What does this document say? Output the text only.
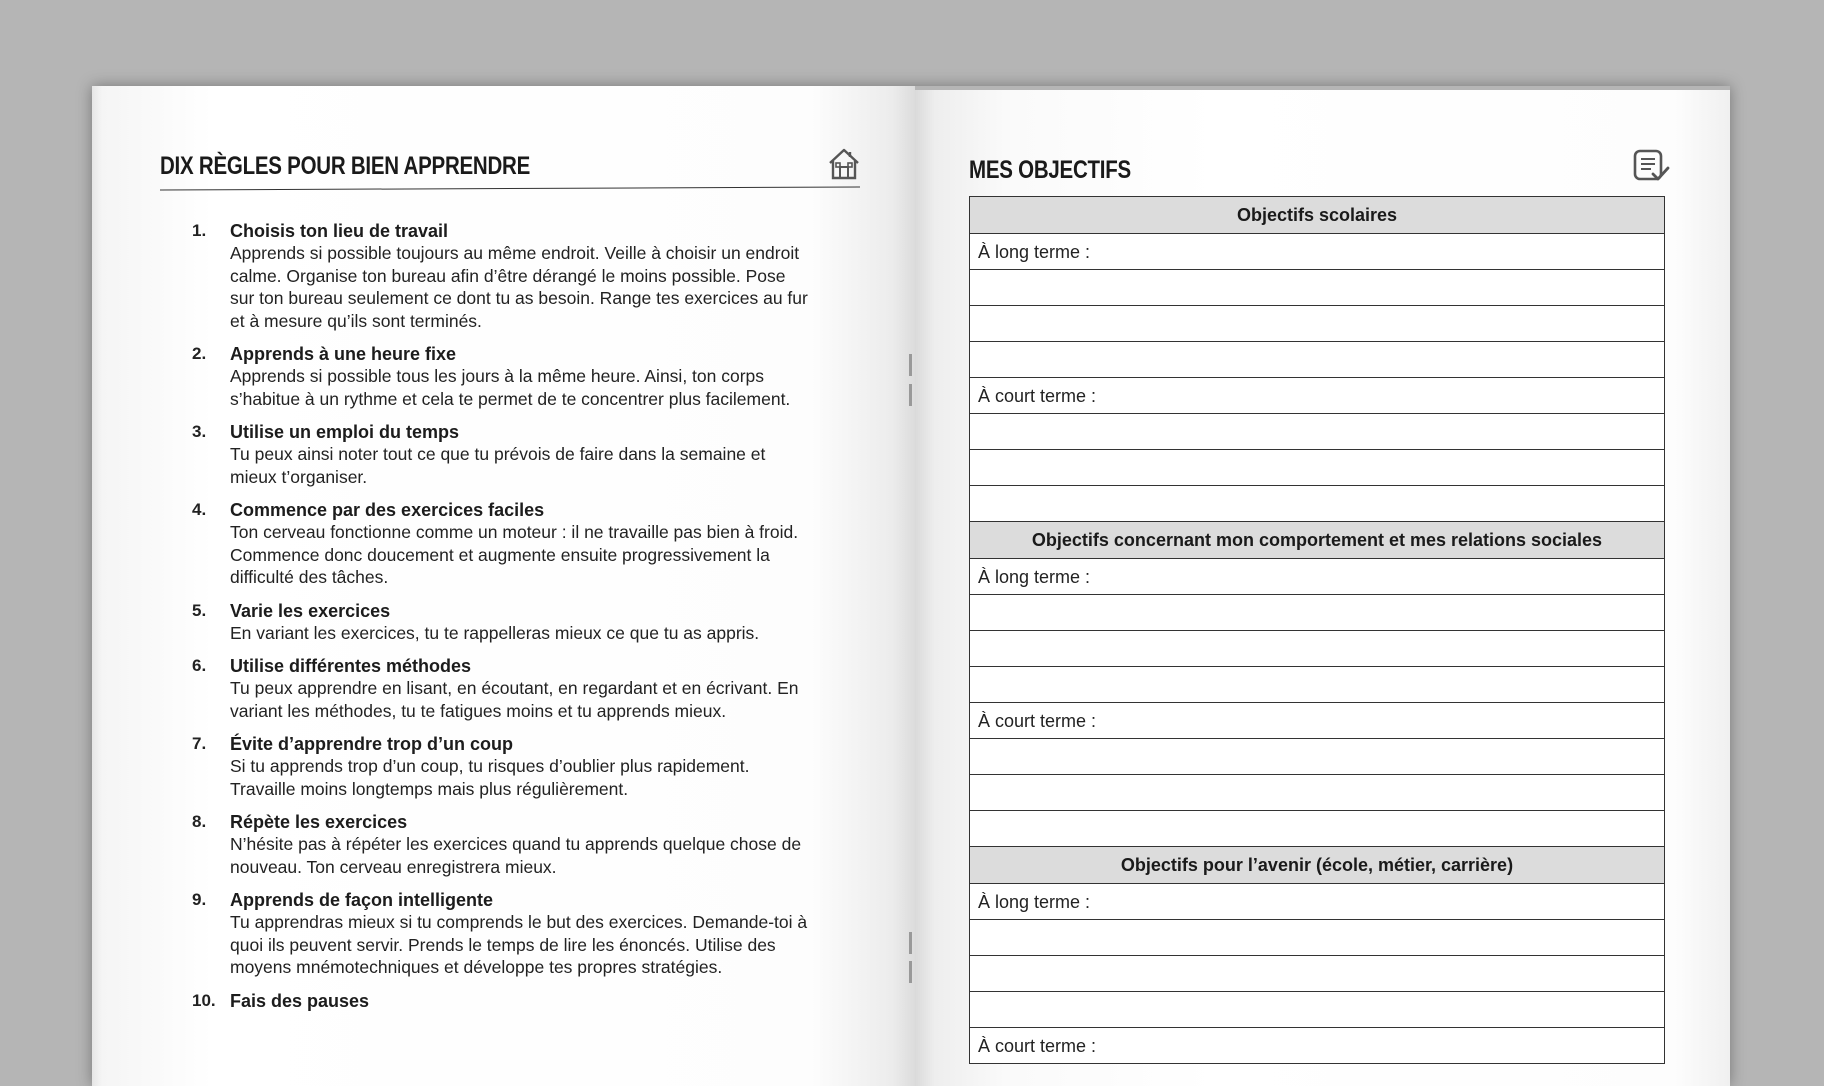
DIX RÈGLES POUR BIEN APPRENDRE
1. Choisis ton lieu de travail
Apprends si possible toujours au même endroit. Veille à choisir un endroit calme. Organise ton bureau afin d’être dérangé le moins possible. Pose sur ton bureau seulement ce dont tu as besoin. Range tes exercices au fur et à mesure qu’ils sont terminés.
2. Apprends à une heure fixe
Apprends si possible tous les jours à la même heure. Ainsi, ton corps s’habitue à un rythme et cela te permet de te concentrer plus facilement.
3. Utilise un emploi du temps
Tu peux ainsi noter tout ce que tu prévois de faire dans la semaine et mieux t’organiser.
4. Commence par des exercices faciles
Ton cerveau fonctionne comme un moteur : il ne travaille pas bien à froid. Commence donc doucement et augmente ensuite progressivement la difficulté des tâches.
5. Varie les exercices
En variant les exercices, tu te rappelleras mieux ce que tu as appris.
6. Utilise différentes méthodes
Tu peux apprendre en lisant, en écoutant, en regardant et en écrivant. En variant les méthodes, tu te fatigues moins et tu apprends mieux.
7. Évite d’apprendre trop d’un coup
Si tu apprends trop d’un coup, tu risques d’oublier plus rapidement. Travaille moins longtemps mais plus régulièrement.
8. Répète les exercices
N’hésite pas à répéter les exercices quand tu apprends quelque chose de nouveau. Ton cerveau enregistrera mieux.
9. Apprends de façon intelligente
Tu apprendras mieux si tu comprends le but des exercices. Demande-toi à quoi ils peuvent servir. Prends le temps de lire les énoncés. Utilise des moyens mnémotechniques et développe tes propres stratégies.
10. Fais des pauses
MES OBJECTIFS
Objectifs scolaires
À long terme :
À court terme :
Objectifs concernant mon comportement et mes relations sociales
À long terme :
À court terme :
Objectifs pour l’avenir (école, métier, carrière)
À long terme :
À court terme :
